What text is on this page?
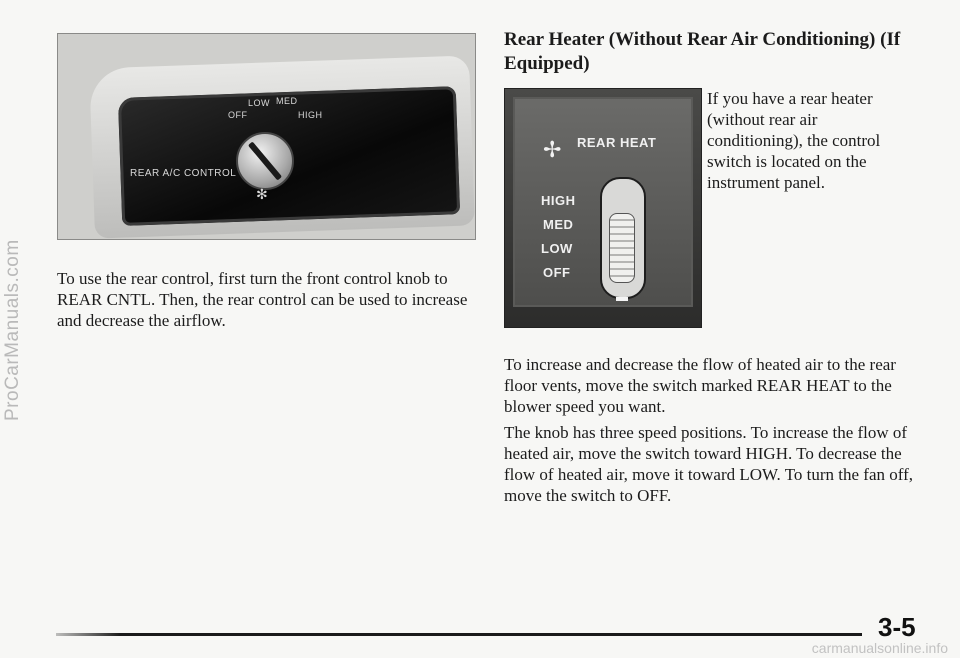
ProCarManuals.com
LOW MED
OFF	HIGH
REAR A/C CONTROL
✻
To use the rear control, first turn the front control knob to REAR CNTL. Then, the rear control can be used to increase and decrease the airflow.
Rear Heater (Without Rear Air Conditioning) (If Equipped)
✢ REAR HEAT
HIGH
MED
LOW
OFF
If you have a rear heater (without rear air conditioning), the control switch is located on the instrument panel.
To increase and decrease the flow of heated air to the rear floor vents, move the switch marked REAR HEAT to the blower speed you want.
The knob has three speed positions. To increase the flow of heated air, move the switch toward HIGH. To decrease the flow of heated air, move it toward LOW. To turn the fan off, move the switch to OFF.
3-5
carmanualsonline.info
